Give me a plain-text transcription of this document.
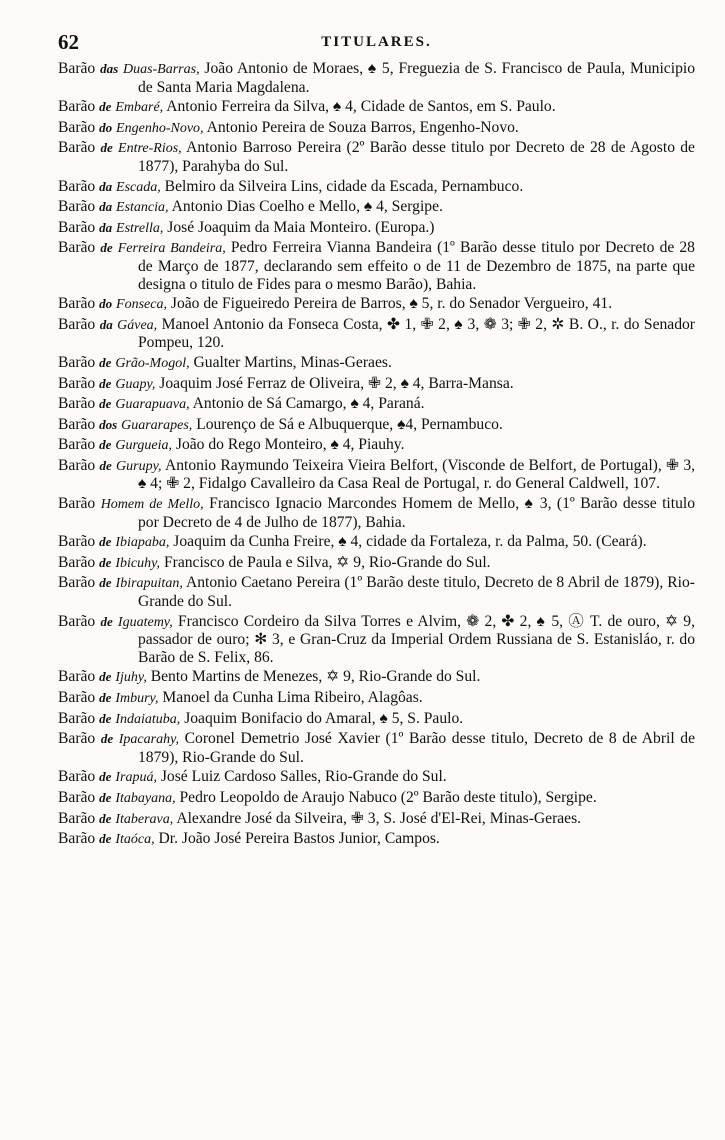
62	TITULARES.

Barão das Duas-Barras, João Antonio de Moraes, ♠ 5, Freguezia de S. Francisco de Paula, Municipio de Santa Maria Magdalena.

Barão de Embaré, Antonio Ferreira da Silva, ♠ 4, Cidade de Santos, em S. Paulo.

Barão do Engenho-Novo, Antonio Pereira de Souza Barros, Engenho-Novo.

Barão de Entre-Rios, Antonio Barroso Pereira (2º Barão desse titulo por Decreto de 28 de Agosto de 1877), Parahyba do Sul.

Barão da Escada, Belmiro da Silveira Lins, cidade da Escada, Pernambuco.

Barão da Estancia, Antonio Dias Coelho e Mello, ♠ 4, Sergipe.

Barão da Estrella, José Joaquim da Maia Monteiro. (Europa.)

Barão de Ferreira Bandeira, Pedro Ferreira Vianna Bandeira (1º Barão desse titulo por Decreto de 28 de Março de 1877, declarando sem effeito o de 11 de Dezembro de 1875, na parte que designa o titulo de Fides para o mesmo Barão), Bahia.

Barão do Fonseca, João de Figueiredo Pereira de Barros, ♠ 5, r. do Senador Vergueiro, 41.

Barão da Gávea, Manoel Antonio da Fonseca Costa, ✤ 1, ✙ 2, ♠ 3, ❁ 3; ✙ 2, ✲ B. O., r. do Senador Pompeu, 120.

Barão de Grão-Mogol, Gualter Martins, Minas-Geraes.

Barão de Guapy, Joaquim José Ferraz de Oliveira, ✙ 2, ♠ 4, Barra-Mansa.

Barão de Guarapuava, Antonio de Sá Camargo, ♠ 4, Paraná.

Barão dos Guararapes, Lourenço de Sá e Albuquerque, ♠4, Pernambuco.

Barão de Gurgueia, João do Rego Monteiro, ♠ 4, Piauhy.

Barão de Gurupy, Antonio Raymundo Teixeira Vieira Belfort, (Visconde de Belfort, de Portugal), ✙ 3, ♠ 4; ✙ 2, Fidalgo Cavalleiro da Casa Real de Portugal, r. do General Caldwell, 107.

Barão Homem de Mello, Francisco Ignacio Marcondes Homem de Mello, ♠ 3, (1º Barão desse titulo por Decreto de 4 de Julho de 1877), Bahia.

Barão de Ibiapaba, Joaquim da Cunha Freire, ♠ 4, cidade da Fortaleza, r. da Palma, 50. (Ceará).

Barão de Ibicuhy, Francisco de Paula e Silva, ✡ 9, Rio-Grande do Sul.

Barão de Ibirapuitan, Antonio Caetano Pereira (1º Barão deste titulo, Decreto de 8 Abril de 1879), Rio-Grande do Sul.

Barão de Iguatemy, Francisco Cordeiro da Silva Torres e Alvim, ❁ 2, ✤ 2, ♠ 5, Ⓐ T. de ouro, ✡ 9, passador de ouro; ✻ 3, e Gran-Cruz da Imperial Ordem Russiana de S. Estanisláo, r. do Barão de S. Felix, 86.

Barão de Ijuhy, Bento Martins de Menezes, ✡ 9, Rio-Grande do Sul.

Barão de Imbury, Manoel da Cunha Lima Ribeiro, Alagôas.

Barão de Indaiatuba, Joaquim Bonifacio do Amaral, ♠ 5, S. Paulo.

Barão de Ipacarahy, Coronel Demetrio José Xavier (1º Barão desse titulo, Decreto de 8 de Abril de 1879), Rio-Grande do Sul.

Barão de Irapuá, José Luiz Cardoso Salles, Rio-Grande do Sul.

Barão de Itabayana, Pedro Leopoldo de Araujo Nabuco (2º Barão deste titulo), Sergipe.

Barão de Itaberava, Alexandre José da Silveira, ✙ 3, S. José d'El-Rei, Minas-Geraes.

Barão de Itaóca, Dr. João José Pereira Bastos Junior, Campos.
